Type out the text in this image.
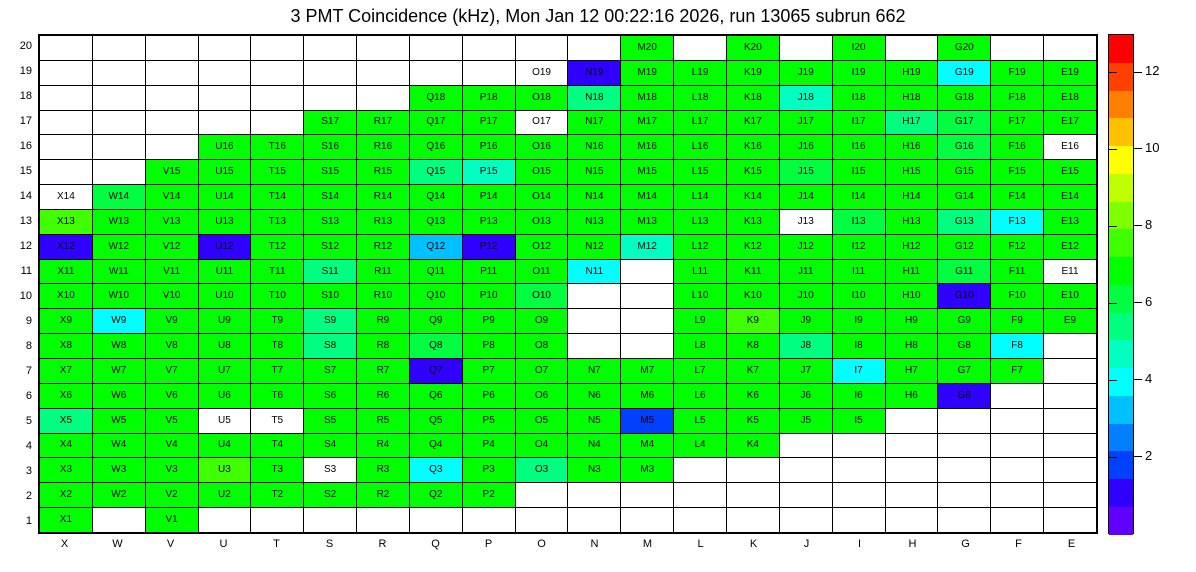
3 PMT Coincidence (kHz), Mon Jan 12 00:22:16 2026, run 13065 subrun 662
											M20		K20		I20		G20		
									O19	N19	M19	L19	K19	J19	I19	H19	G19	F19	E19
							Q18	P18	O18	N18	M18	L18	K18	J18	I18	H18	G18	F18	E18
					S17	R17	Q17	P17	O17	N17	M17	L17	K17	J17	I17	H17	G17	F17	E17
			U16	T16	S16	R16	Q16	P16	O16	N16	M16	L16	K16	J16	I16	H16	G16	F16	E16
		V15	U15	T15	S15	R15	Q15	P15	O15	N15	M15	L15	K15	J15	I15	H15	G15	F15	E15
X14	W14	V14	U14	T14	S14	R14	Q14	P14	O14	N14	M14	L14	K14	J14	I14	H14	G14	F14	E14
X13	W13	V13	U13	T13	S13	R13	Q13	P13	O13	N13	M13	L13	K13	J13	I13	H13	G13	F13	E13
X12	W12	V12	U12	T12	S12	R12	Q12	P12	O12	N12	M12	L12	K12	J12	I12	H12	G12	F12	E12
X11	W11	V11	U11	T11	S11	R11	Q11	P11	O11	N11		L11	K11	J11	I11	H11	G11	F11	E11
X10	W10	V10	U10	T10	S10	R10	Q10	P10	O10			L10	K10	J10	I10	H10	G10	F10	E10
X9	W9	V9	U9	T9	S9	R9	Q9	P9	O9			L9	K9	J9	I9	H9	G9	F9	E9
X8	W8	V8	U8	T8	S8	R8	Q8	P8	O8			L8	K8	J8	I8	H8	G8	F8	
X7	W7	V7	U7	T7	S7	R7	Q7	P7	O7	N7	M7	L7	K7	J7	I7	H7	G7	F7	
X6	W6	V6	U6	T6	S6	R6	Q6	P6	O6	N6	M6	L6	K6	J6	I6	H6	G6		
X5	W5	V5	U5	T5	S5	R5	Q5	P5	O5	N5	M5	L5	K5	J5	I5				
X4	W4	V4	U4	T4	S4	R4	Q4	P4	O4	N4	M4	L4	K4						
X3	W3	V3	U3	T3	S3	R3	Q3	P3	O3	N3	M3								
X2	W2	V2	U2	T2	S2	R2	Q2	P2											
X1		V1																	
20
19
18
17
16
15
14
13
12
11
10
9
8
7
6
5
4
3
2
1
X	W	V	U	T	S	R	Q	P	O	N	M	L	K	J	I	H	G	F	E
2
4
6
8
10
12
